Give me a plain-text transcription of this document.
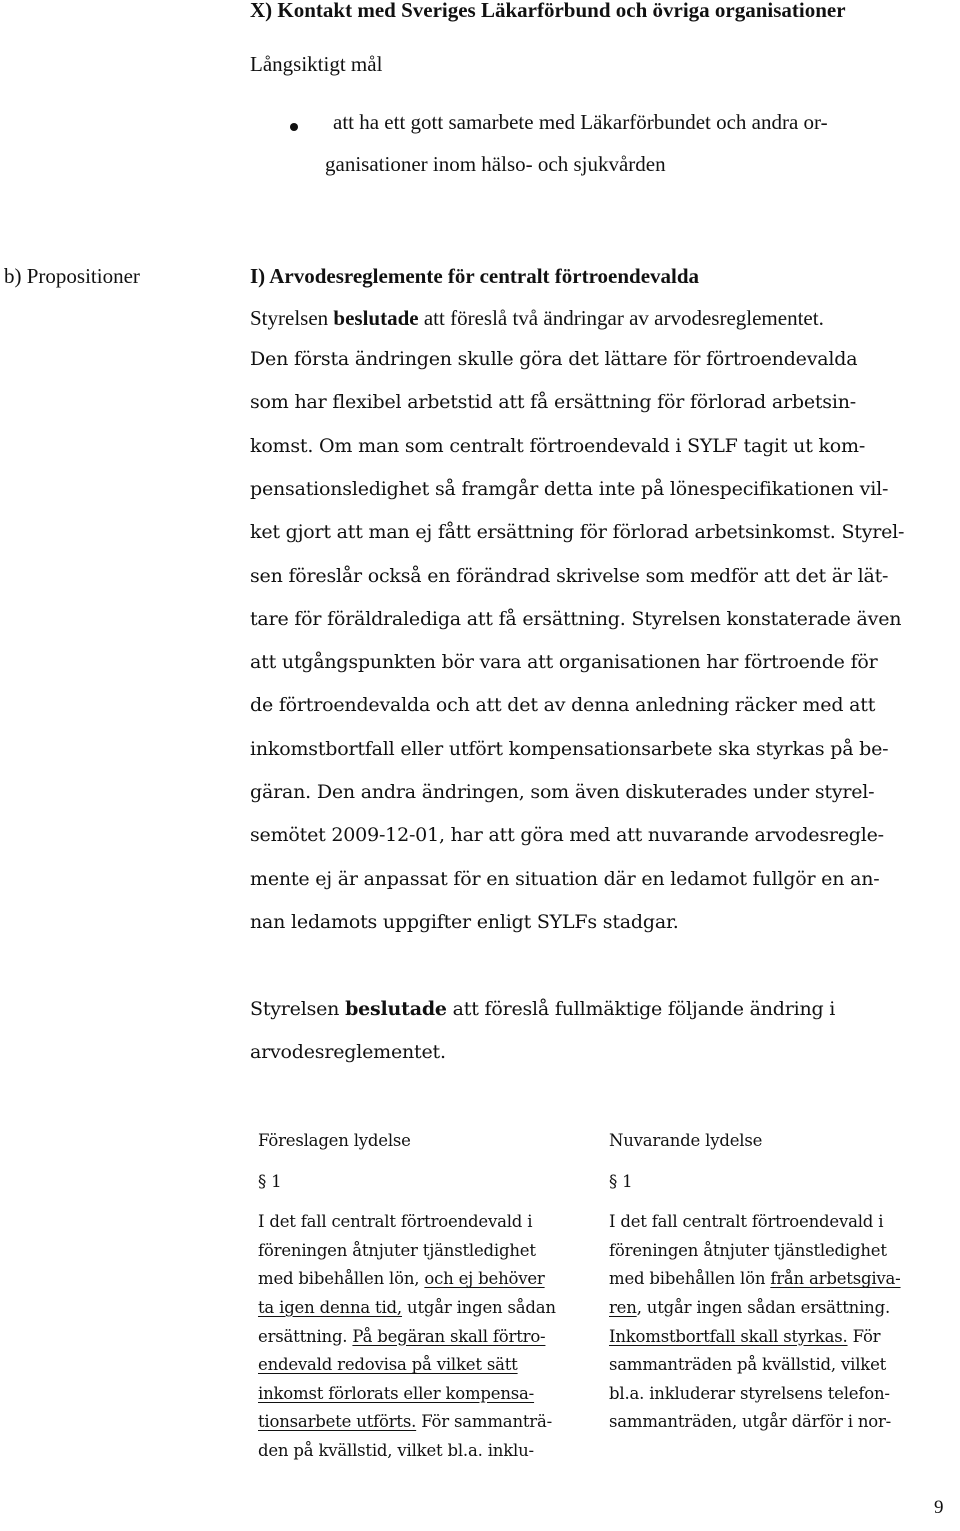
X) Kontakt med Sveriges Läkarförbund och övriga organisationer
Långsiktigt mål
att ha ett gott samarbete med Läkarförbundet och andra or-
ganisationer inom hälso- och sjukvården
b) Propositioner	I) Arvodesreglemente för centralt förtroendevalda
Styrelsen beslutade att föreslå två ändringar av arvodesreglementet.
Den första ändringen skulle göra det lättare för förtroendevalda
som har flexibel arbetstid att få ersättning för förlorad arbetsin-
komst. Om man som centralt förtroendevald i SYLF tagit ut kom-
pensationsledighet så framgår detta inte på lönespecifikationen vil-
ket gjort att man ej fått ersättning för förlorad arbetsinkomst. Styrel-
sen föreslår också en förändrad skrivelse som medför att det är lät-
tare för föräldralediga att få ersättning. Styrelsen konstaterade även
att utgångspunkten bör vara att organisationen har förtroende för
de förtroendevalda och att det av denna anledning räcker med att
inkomstbortfall eller utfört kompensationsarbete ska styrkas på be-
gäran. Den andra ändringen, som även diskuterades under styrel-
semötet 2009-12-01, har att göra med att nuvarande arvodesregle-
mente ej är anpassat för en situation där en ledamot fullgör en an-
nan ledamots uppgifter enligt SYLFs stadgar.
Styrelsen beslutade att föreslå fullmäktige följande ändring i
arvodesreglementet.
Föreslagen lydelse
§ 1
I det fall centralt förtroendevald i
föreningen åtnjuter tjänstledighet
med bibehållen lön, och ej behöver
ta igen denna tid, utgår ingen sådan
ersättning. På begäran skall förtro-
endevald redovisa på vilket sätt
inkomst förlorats eller kompensa-
tionsarbete utförts. För sammanträ-
den på kvällstid, vilket bl.a. inklu-
Nuvarande lydelse
§ 1
I det fall centralt förtroendevald i
föreningen åtnjuter tjänstledighet
med bibehållen lön från arbetsgiva-
ren, utgår ingen sådan ersättning.
Inkomstbortfall skall styrkas. För
sammanträden på kvällstid, vilket
bl.a. inkluderar styrelsens telefon-
sammanträden, utgår därför i nor-
9
